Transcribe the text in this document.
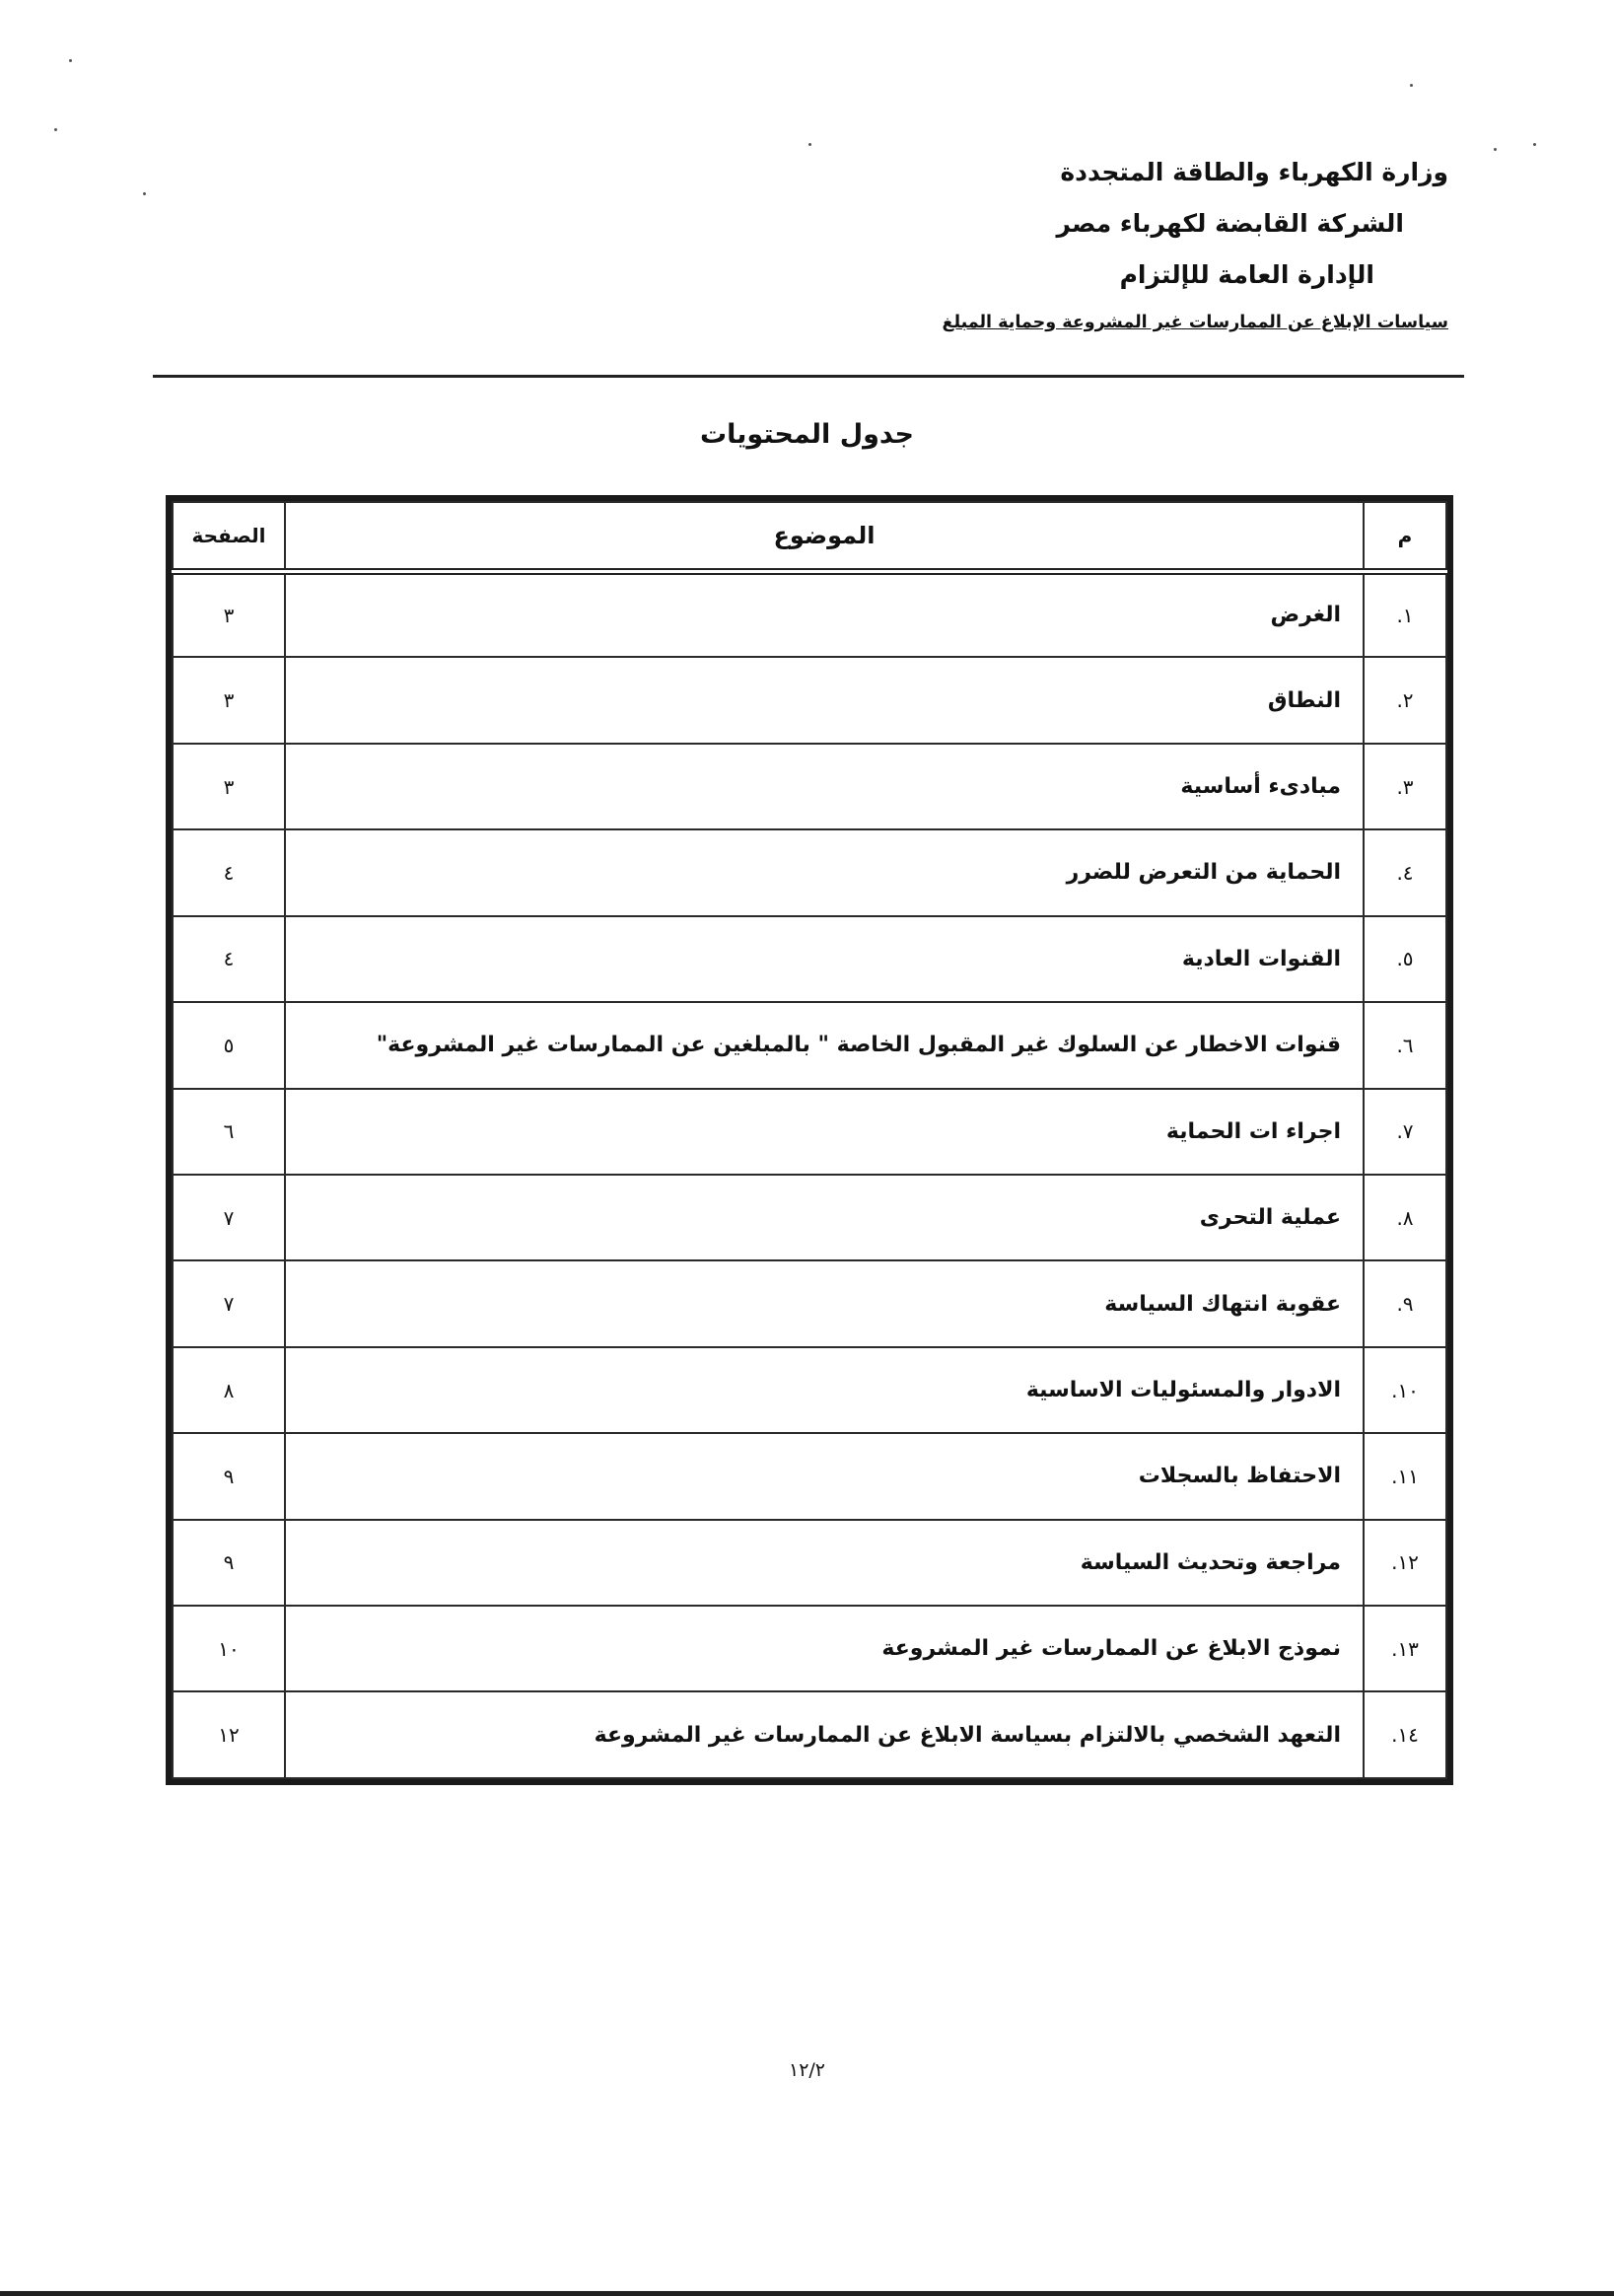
وزارة الكهرباء والطاقة المتجددة
الشركة القابضة لكهرباء مصر
الإدارة العامة للإلتزام
سياسات الإبلاغ عن الممارسات غير المشروعة وحماية المبلغ
جدول المحتويات
م	الموضوع	الصفحة
١.	الغرض	٣
٢.	النطاق	٣
٣.	مبادىء أساسية	٣
٤.	الحماية من التعرض للضرر	٤
٥.	القنوات العادية	٤
٦.	قنوات الاخطار عن السلوك غير المقبول الخاصة " بالمبلغين عن الممارسات غير المشروعة"	٥
٧.	اجراء ات الحماية	٦
٨.	عملية التحرى	٧
٩.	عقوبة انتهاك السياسة	٧
١٠.	الادوار والمسئوليات الاساسية	٨
١١.	الاحتفاظ بالسجلات	٩
١٢.	مراجعة وتحديث السياسة	٩
١٣.	نموذج الابلاغ عن الممارسات غير المشروعة	١٠
١٤.	التعهد الشخصي بالالتزام بسياسة الابلاغ عن الممارسات غير المشروعة	١٢
١٢/٢
